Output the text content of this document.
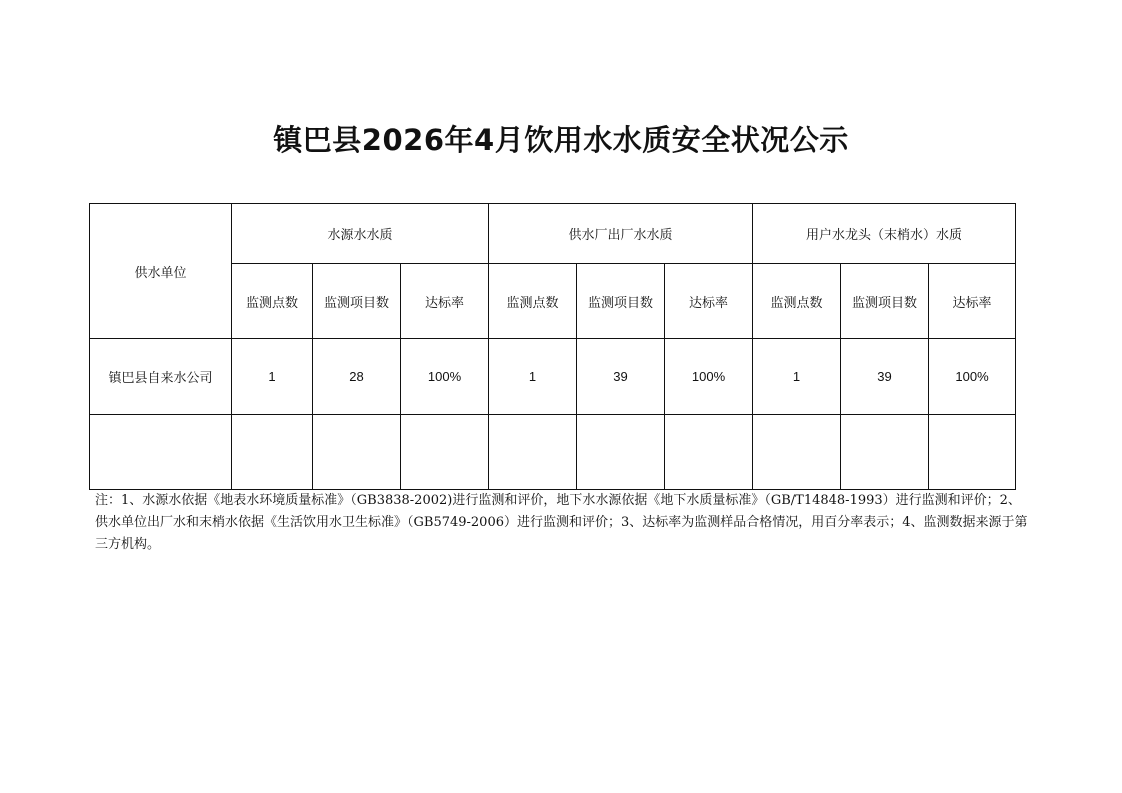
镇巴县2026年4月饮用水水质安全状况公示
供水单位	水源水水质			供水厂出厂水水质			用户水龙头（末梢水）水质		
	监测点数	监测项目数	达标率	监测点数	监测项目数	达标率	监测点数	监测项目数	达标率
镇巴县自来水公司	1	28	100%	1	39	100%	1	39	100%

注：1、水源水依据《地表水环境质量标准》（GB3838-2002)进行监测和评价，地下水水源依据《地下水质量标准》（GB/T14848-1993）进行监测和评价；2、供水单位出厂水和末梢水依据《生活饮用水卫生标准》（GB5749-2006）进行监测和评价；3、达标率为监测样品合格情况，用百分率表示；4、监测数据来源于第三方机构。
